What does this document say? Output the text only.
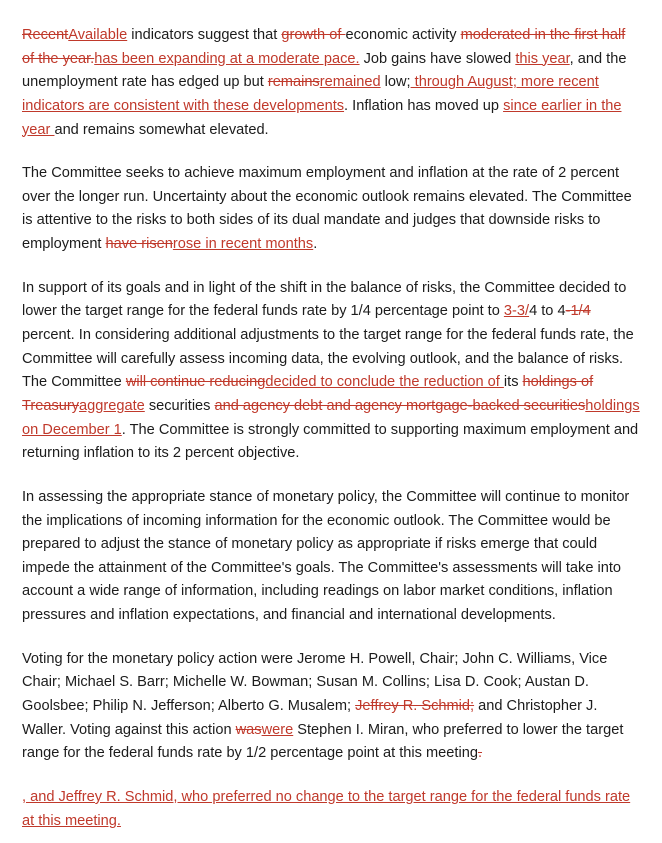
RecentAvailable indicators suggest that growth of economic activity moderated in the first half of the year.has been expanding at a moderate pace. Job gains have slowed this year, and the unemployment rate has edged up but remainsremained low; through August; more recent indicators are consistent with these developments. Inflation has moved up since earlier in the year and remains somewhat elevated.

The Committee seeks to achieve maximum employment and inflation at the rate of 2 percent over the longer run. Uncertainty about the economic outlook remains elevated. The Committee is attentive to the risks to both sides of its dual mandate and judges that downside risks to employment have risenrose in recent months.

In support of its goals and in light of the shift in the balance of risks, the Committee decided to lower the target range for the federal funds rate by 1/4 percentage point to 3-3/4 to 4-1/4 percent. In considering additional adjustments to the target range for the federal funds rate, the Committee will carefully assess incoming data, the evolving outlook, and the balance of risks. The Committee will continue reducingdecided to conclude the reduction of its holdings of Treasuryaggregate securities and agency debt and agency mortgage-backed securitiesholdings on December 1. The Committee is strongly committed to supporting maximum employment and returning inflation to its 2 percent objective.

In assessing the appropriate stance of monetary policy, the Committee will continue to monitor the implications of incoming information for the economic outlook. The Committee would be prepared to adjust the stance of monetary policy as appropriate if risks emerge that could impede the attainment of the Committee's goals. The Committee's assessments will take into account a wide range of information, including readings on labor market conditions, inflation pressures and inflation expectations, and financial and international developments.

Voting for the monetary policy action were Jerome H. Powell, Chair; John C. Williams, Vice Chair; Michael S. Barr; Michelle W. Bowman; Susan M. Collins; Lisa D. Cook; Austan D. Goolsbee; Philip N. Jefferson; Alberto G. Musalem; Jeffrey R. Schmid; and Christopher J. Waller. Voting against this action waswere Stephen I. Miran, who preferred to lower the target range for the federal funds rate by 1/2 percentage point at this meeting.

, and Jeffrey R. Schmid, who preferred no change to the target range for the federal funds rate at this meeting.
